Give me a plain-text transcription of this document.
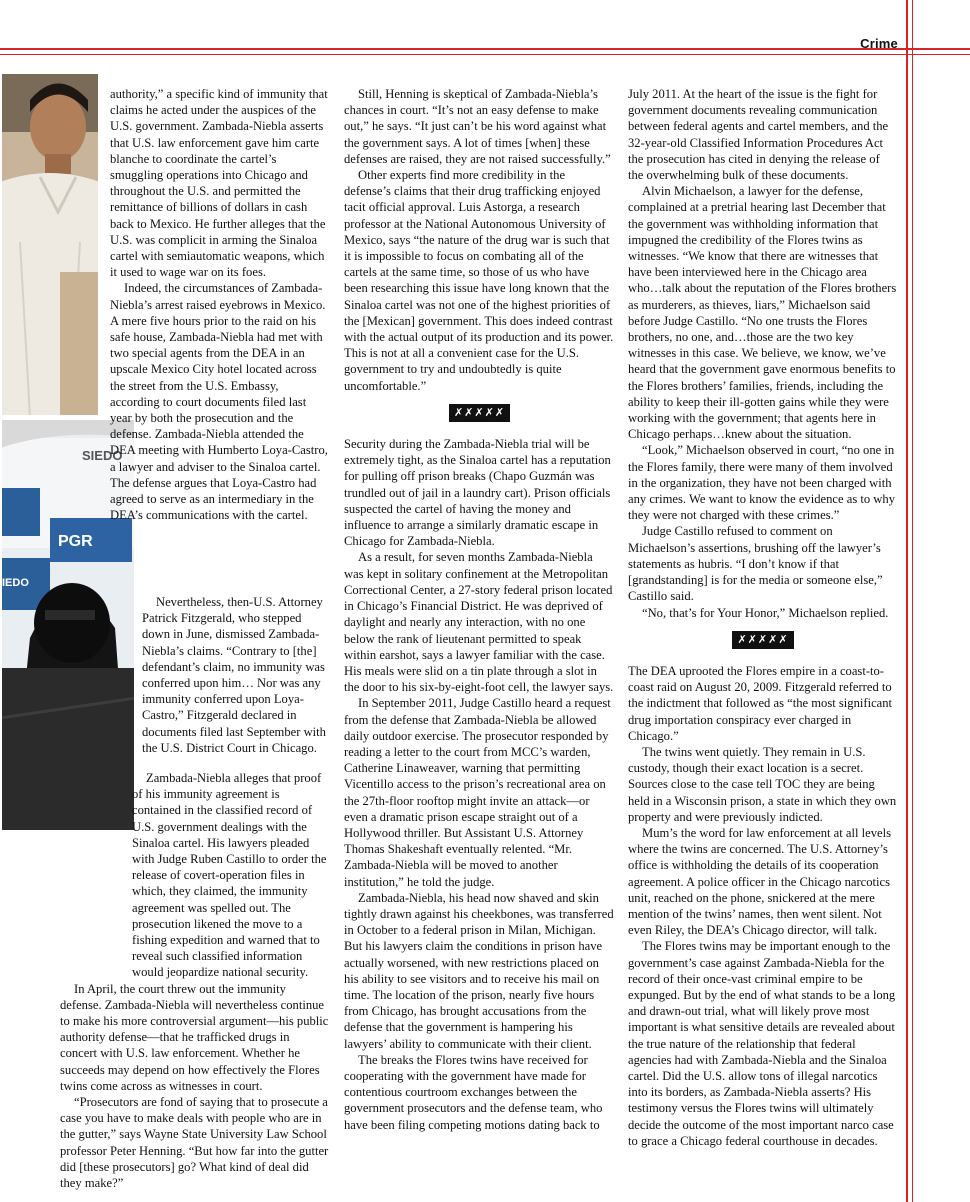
Crime
SIEDO
PGR
IEDO

authority,” a specific kind of immunity that claims he acted under the auspices of the U.S. government. Zambada-Niebla asserts that U.S. law enforcement gave him carte blanche to coordinate the cartel’s smuggling operations into Chicago and throughout the U.S. and permitted the remittance of billions of dollars in cash back to Mexico. He further alleges that the U.S. was complicit in arming the Sinaloa cartel with semiautomatic weapons, which it used to wage war on its foes.

Indeed, the circumstances of Zambada-Niebla’s arrest raised eyebrows in Mexico. A mere five hours prior to the raid on his safe house, Zambada-Niebla had met with two special agents from the DEA in an upscale Mexico City hotel located across the street from the U.S. Embassy, according to court documents filed last year by both the prosecution and the defense. Zambada-Niebla attended the DEA meeting with Humberto Loya-Castro, a lawyer and adviser to the Sinaloa cartel. The defense argues that Loya-Castro had agreed to serve as an intermediary in the DEA’s communications with the cartel.

Nevertheless, then-U.S. Attorney Patrick Fitzgerald, who stepped down in June, dismissed Zambada-Niebla’s claims. “Contrary to [the] defendant’s claim, no immunity was conferred upon him… Nor was any immunity conferred upon Loya-Castro,” Fitzgerald declared in documents filed last September with the U.S. District Court in Chicago.

Zambada-Niebla alleges that proof of his immunity agreement is contained in the classified record of U.S. government dealings with the Sinaloa cartel. His lawyers pleaded with Judge Ruben Castillo to order the release of covert-operation files in which, they claimed, the immunity agreement was spelled out. The prosecution likened the move to a fishing expedition and warned that to reveal such classified information would jeopardize national security.

In April, the court threw out the immunity defense. Zambada-Niebla will nevertheless continue to make his more controversial argument—his public authority defense—that he trafficked drugs in concert with U.S. law enforcement. Whether he succeeds may depend on how effectively the Flores twins come across as witnesses in court.

“Prosecutors are fond of saying that to prosecute a case you have to make deals with people who are in the gutter,” says Wayne State University Law School professor Peter Henning. “But how far into the gutter did [these prosecutors] go? What kind of deal did they make?”

Still, Henning is skeptical of Zambada-Niebla’s chances in court. “It’s not an easy defense to make out,” he says. “It just can’t be his word against what the government says. A lot of times [when] these defenses are raised, they are not raised successfully.”

Other experts find more credibility in the defense’s claims that their drug trafficking enjoyed tacit official approval. Luis Astorga, a research professor at the National Autonomous University of Mexico, says “the nature of the drug war is such that it is impossible to focus on combating all of the cartels at the same time, so those of us who have been researching this issue have long known that the Sinaloa cartel was not one of the highest priorities of the [Mexican] government. This does indeed contrast with the actual output of its production and its power. This is not at all a convenient case for the U.S. government to try and undoubtedly is quite uncomfortable.”

✗✗✗✗✗

Security during the Zambada-Niebla trial will be extremely tight, as the Sinaloa cartel has a reputation for pulling off prison breaks (Chapo Guzmán was trundled out of jail in a laundry cart). Prison officials suspected the cartel of having the money and influence to arrange a similarly dramatic escape in Chicago for Zambada-Niebla.

As a result, for seven months Zambada-Niebla was kept in solitary confinement at the Metropolitan Correctional Center, a 27-story federal prison located in Chicago’s Financial District. He was deprived of daylight and nearly any interaction, with no one below the rank of lieutenant permitted to speak within earshot, says a lawyer familiar with the case. His meals were slid on a tin plate through a slot in the door to his six-by-eight-foot cell, the lawyer says.

In September 2011, Judge Castillo heard a request from the defense that Zambada-Niebla be allowed daily outdoor exercise. The prosecutor responded by reading a letter to the court from MCC’s warden, Catherine Linaweaver, warning that permitting Vicentillo access to the prison’s recreational area on the 27th-floor rooftop might invite an attack—or even a dramatic prison escape straight out of a Hollywood thriller. But Assistant U.S. Attorney Thomas Shakeshaft eventually relented. “Mr. Zambada-Niebla will be moved to another institution,” he told the judge.

Zambada-Niebla, his head now shaved and skin tightly drawn against his cheekbones, was transferred in October to a federal prison in Milan, Michigan. But his lawyers claim the conditions in prison have actually worsened, with new restrictions placed on his ability to see visitors and to receive his mail on time. The location of the prison, nearly five hours from Chicago, has brought accusations from the defense that the government is hampering his lawyers’ ability to communicate with their client.

The breaks the Flores twins have received for cooperating with the government have made for contentious courtroom exchanges between the government prosecutors and the defense team, who have been filing competing motions dating back to

July 2011. At the heart of the issue is the fight for government documents revealing communication between federal agents and cartel members, and the 32-year-old Classified Information Procedures Act the prosecution has cited in denying the release of the overwhelming bulk of these documents.

Alvin Michaelson, a lawyer for the defense, complained at a pretrial hearing last December that the government was withholding information that impugned the credibility of the Flores twins as witnesses. “We know that there are witnesses that have been interviewed here in the Chicago area who…talk about the reputation of the Flores brothers as murderers, as thieves, liars,” Michaelson said before Judge Castillo. “No one trusts the Flores brothers, no one, and…those are the two key witnesses in this case. We believe, we know, we’ve heard that the government gave enormous benefits to the Flores brothers’ families, friends, including the ability to keep their ill-gotten gains while they were working with the government; that agents here in Chicago perhaps…knew about the situation.

“Look,” Michaelson observed in court, “no one in the Flores family, there were many of them involved in the organization, they have not been charged with any crimes. We want to know the evidence as to why they were not charged with these crimes.”

Judge Castillo refused to comment on Michaelson’s assertions, brushing off the lawyer’s statements as hubris. “I don’t know if that [grandstanding] is for the media or someone else,” Castillo said.

“No, that’s for Your Honor,” Michaelson replied.

✗✗✗✗✗

The DEA uprooted the Flores empire in a coast-to-coast raid on August 20, 2009. Fitzgerald referred to the indictment that followed as “the most significant drug importation conspiracy ever charged in Chicago.”

The twins went quietly. They remain in U.S. custody, though their exact location is a secret. Sources close to the case tell TOC they are being held in a Wisconsin prison, a state in which they own property and were previously indicted.

Mum’s the word for law enforcement at all levels where the twins are concerned. The U.S. Attorney’s office is withholding the details of its cooperation agreement. A police officer in the Chicago narcotics unit, reached on the phone, snickered at the mere mention of the twins’ names, then went silent. Not even Riley, the DEA’s Chicago director, will talk.

The Flores twins may be important enough to the government’s case against Zambada-Niebla for the record of their once-vast criminal empire to be expunged. But by the end of what stands to be a long and drawn-out trial, what will likely prove most important is what sensitive details are revealed about the true nature of the relationship that federal agencies had with Zambada-Niebla and the Sinaloa cartel. Did the U.S. allow tons of illegal narcotics into its borders, as Zambada-Niebla asserts? His testimony versus the Flores twins will ultimately decide the outcome of the most important narco case to grace a Chicago federal courthouse in decades.
